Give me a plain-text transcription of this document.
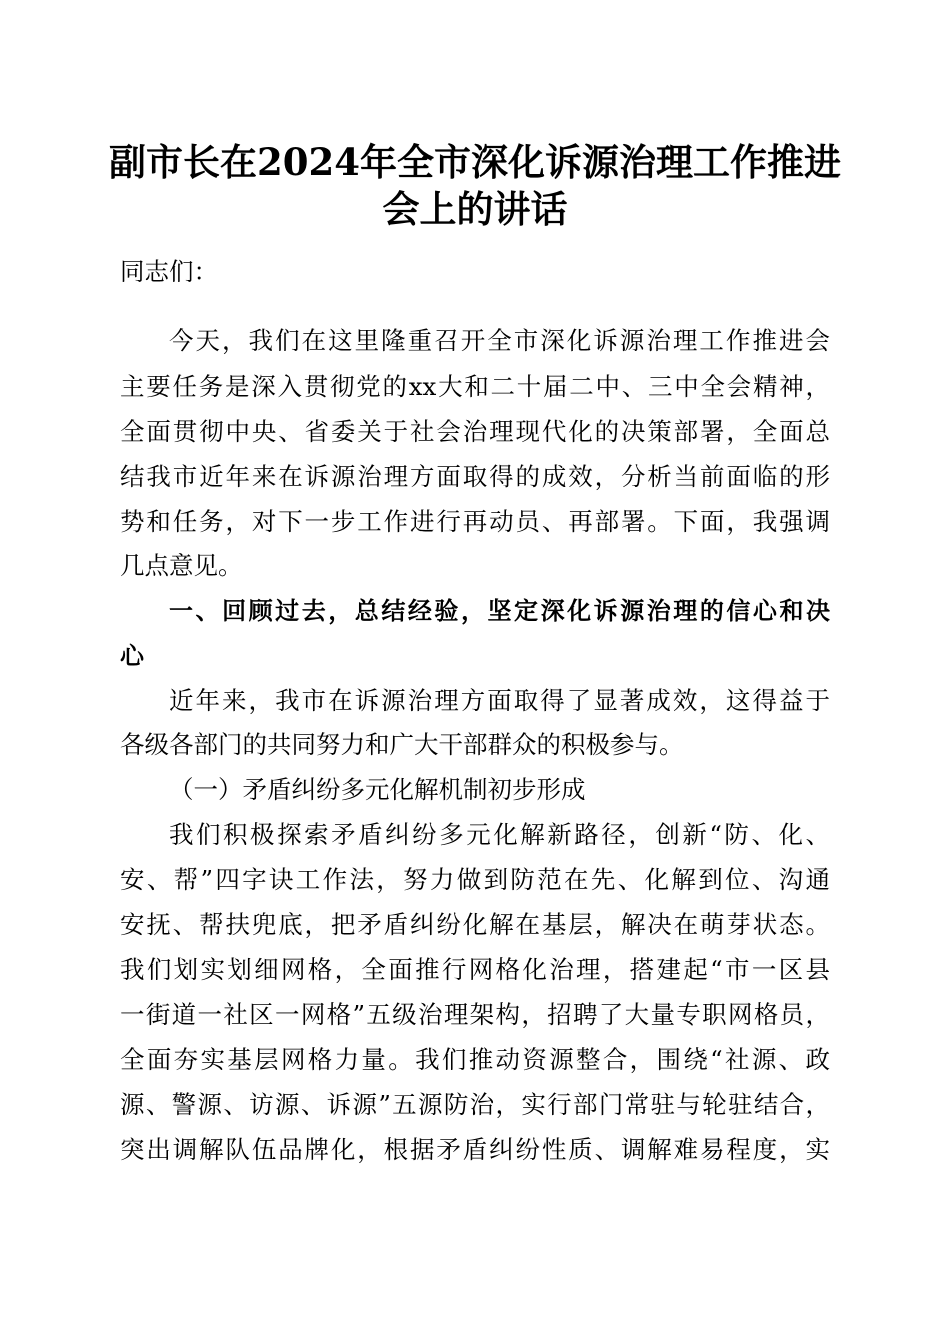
副市长在2024年全市深化诉源治理工作推进
会上的讲话
同志们：
今天，我们在这里隆重召开全市深化诉源治理工作推进会
主要任务是深入贯彻党的xx大和二十届二中、三中全会精神，
全面贯彻中央、省委关于社会治理现代化的决策部署，全面总
结我市近年来在诉源治理方面取得的成效，分析当前面临的形
势和任务，对下一步工作进行再动员、再部署。下面，我强调
几点意见。
一、回顾过去，总结经验，坚定深化诉源治理的信心和决
心
近年来，我市在诉源治理方面取得了显著成效，这得益于
各级各部门的共同努力和广大干部群众的积极参与。
（一）矛盾纠纷多元化解机制初步形成
我们积极探索矛盾纠纷多元化解新路径，创新“防、化、
安、帮”四字诀工作法，努力做到防范在先、化解到位、沟通
安抚、帮扶兜底，把矛盾纠纷化解在基层，解决在萌芽状态。
我们划实划细网格，全面推行网格化治理，搭建起“市一区县
一街道一社区一网格”五级治理架构，招聘了大量专职网格员，
全面夯实基层网格力量。我们推动资源整合，围绕“社源、政
源、警源、访源、诉源”五源防治，实行部门常驻与轮驻结合，
突出调解队伍品牌化，根据矛盾纠纷性质、调解难易程度，实
